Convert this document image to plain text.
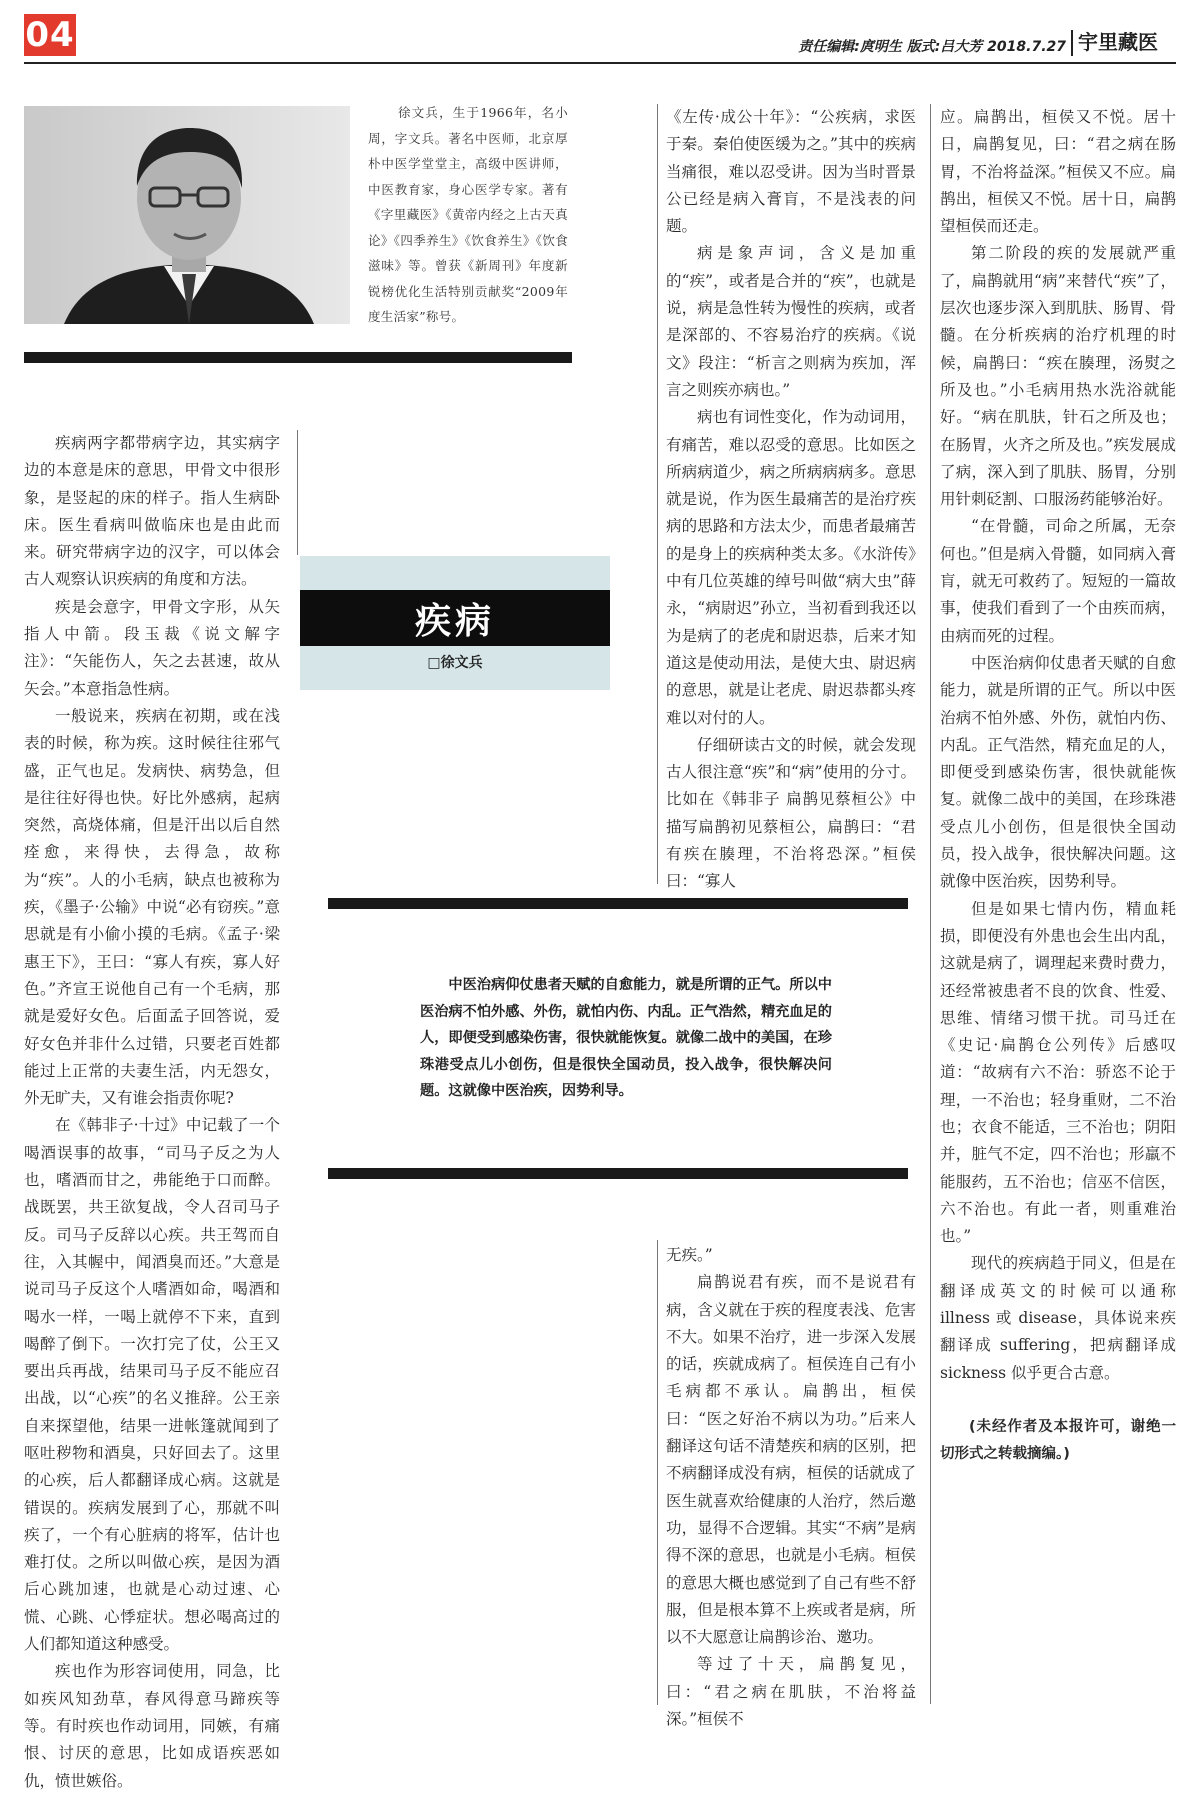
04	责任编辑:庹明生 版式:吕大芳 2018.7.27 宇里藏医
徐文兵，生于1966年，名小周，字文兵。著名中医师，北京厚朴中医学堂堂主，高级中医讲师，中医教育家，身心医学专家。著有《字里藏医》《黄帝内经之上古天真论》《四季养生》《饮食养生》《饮食滋味》等。曾获《新周刊》年度新锐榜优化生活特别贡献奖“2009年度生活家”称号。
疾病
□徐文兵

中医治病仰仗患者天赋的自愈能力，就是所谓的正气。所以中医治病不怕外感、外伤，就怕内伤、内乱。正气浩然，精充血足的人，即便受到感染伤害，很快就能恢复。就像二战中的美国，在珍珠港受点儿小创伤，但是很快全国动员，投入战争，很快解决问题。这就像中医治疾，因势利导。

疾病两字都带病字边，其实病字边的本意是床的意思，甲骨文中很形象，是竖起的床的样子。指人生病卧床。医生看病叫做临床也是由此而来。研究带病字边的汉字，可以体会古人观察认识疾病的角度和方法。

疾是会意字，甲骨文字形，从矢指人中箭。段玉裁《说文解字注》：“矢能伤人，矢之去甚速，故从矢会。”本意指急性病。

一般说来，疾病在初期，或在浅表的时候，称为疾。这时候往往邪气盛，正气也足。发病快、病势急，但是往往好得也快。好比外感病，起病突然，高烧体痛，但是汗出以后自然痊愈，来得快，去得急，故称为“疾”。人的小毛病，缺点也被称为疾，《墨子·公输》中说“必有窃疾。”意思就是有小偷小摸的毛病。《孟子·梁惠王下》，王曰：“寡人有疾，寡人好色。”齐宣王说他自己有一个毛病，那就是爱好女色。后面孟子回答说，爱好女色并非什么过错，只要老百姓都能过上正常的夫妻生活，内无怨女，外无旷夫，又有谁会指责你呢?

在《韩非子·十过》中记载了一个喝酒误事的故事，“司马子反之为人也，嗜酒而甘之，弗能绝于口而醉。战既罢，共王欲复战，令人召司马子反。司马子反辞以心疾。共王驾而自往，入其幄中，闻酒臭而还。”大意是说司马子反这个人嗜酒如命，喝酒和喝水一样，一喝上就停不下来，直到喝醉了倒下。一次打完了仗，公王又要出兵再战，结果司马子反不能应召出战，以“心疾”的名义推辞。公王亲自来探望他，结果一进帐篷就闻到了呕吐秽物和酒臭，只好回去了。这里的心疾，后人都翻译成心病。这就是错误的。疾病发展到了心，那就不叫疾了，一个有心脏病的将军，估计也难打仗。之所以叫做心疾，是因为酒后心跳加速，也就是心动过速、心慌、心跳、心悸症状。想必喝高过的人们都知道这种感受。

疾也作为形容词使用，同急，比如疾风知劲草，春风得意马蹄疾等等。有时疾也作动词用，同嫉，有痛恨、讨厌的意思，比如成语疾恶如仇，愤世嫉俗。

《左传·成公十年》：“公疾病，求医于秦。秦伯使医缓为之。”其中的疾病当痛很，难以忍受讲。因为当时晋景公已经是病入膏肓，不是浅表的问题。

病是象声词，含义是加重的“疾”，或者是合并的“疾”，也就是说，病是急性转为慢性的疾病，或者是深部的、不容易治疗的疾病。《说文》段注：“析言之则病为疾加，浑言之则疾亦病也。”

病也有词性变化，作为动词用，有痛苦，难以忍受的意思。比如医之所病病道少，病之所病病病多。意思就是说，作为医生最痛苦的是治疗疾病的思路和方法太少，而患者最痛苦的是身上的疾病种类太多。《水浒传》中有几位英雄的绰号叫做“病大虫”薛永，“病尉迟”孙立，当初看到我还以为是病了的老虎和尉迟恭，后来才知道这是使动用法，是使大虫、尉迟病的意思，就是让老虎、尉迟恭都头疼难以对付的人。

仔细研读古文的时候，就会发现古人很注意“疾”和“病”使用的分寸。比如在《韩非子 扁鹊见蔡桓公》中描写扁鹊初见蔡桓公，扁鹊曰：“君有疾在腠理，不治将恐深。”桓侯曰：“寡人

无疾。”

扁鹊说君有疾，而不是说君有病，含义就在于疾的程度表浅、危害不大。如果不治疗，进一步深入发展的话，疾就成病了。桓侯连自己有小毛病都不承认。扁鹊出，桓侯曰：“医之好治不病以为功。”后来人翻译这句话不清楚疾和病的区别，把不病翻译成没有病，桓侯的话就成了医生就喜欢给健康的人治疗，然后邀功，显得不合逻辑。其实“不病”是病得不深的意思，也就是小毛病。桓侯的意思大概也感觉到了自己有些不舒服，但是根本算不上疾或者是病，所以不大愿意让扁鹊诊治、邀功。

等过了十天，扁鹊复见，曰：“君之病在肌肤，不治将益深。”桓侯不

应。扁鹊出，桓侯又不悦。居十日，扁鹊复见，曰：“君之病在肠胃，不治将益深。”桓侯又不应。扁鹊出，桓侯又不悦。居十日，扁鹊望桓侯而还走。

第二阶段的疾的发展就严重了，扁鹊就用“病”来替代“疾”了，层次也逐步深入到肌肤、肠胃、骨髓。在分析疾病的治疗机理的时候，扁鹊曰：“疾在腠理，汤熨之所及也。”小毛病用热水洗浴就能好。“病在肌肤，针石之所及也；在肠胃，火齐之所及也。”疾发展成了病，深入到了肌肤、肠胃，分别用针刺砭割、口服汤药能够治好。

“在骨髓，司命之所属，无奈何也。”但是病入骨髓，如同病入膏肓，就无可救药了。短短的一篇故事，使我们看到了一个由疾而病，由病而死的过程。

中医治病仰仗患者天赋的自愈能力，就是所谓的正气。所以中医治病不怕外感、外伤，就怕内伤、内乱。正气浩然，精充血足的人，即便受到感染伤害，很快就能恢复。就像二战中的美国，在珍珠港受点儿小创伤，但是很快全国动员，投入战争，很快解决问题。这就像中医治疾，因势利导。

但是如果七情内伤，精血耗损，即便没有外患也会生出内乱，这就是病了，调理起来费时费力，还经常被患者不良的饮食、性爱、思维、情绪习惯干扰。司马迁在《史记·扁鹊仓公列传》后感叹道：“故病有六不治：骄恣不论于理，一不治也；轻身重财，二不治也；衣食不能适，三不治也；阴阳并，脏气不定，四不治也；形羸不能服药，五不治也；信巫不信医，六不治也。有此一者，则重难治也。”

现代的疾病趋于同义，但是在翻译成英文的时候可以通称 illness 或 disease，具体说来疾翻译成 suffering，把病翻译成 sickness 似乎更合古意。

(未经作者及本报许可，谢绝一切形式之转载摘编。)
